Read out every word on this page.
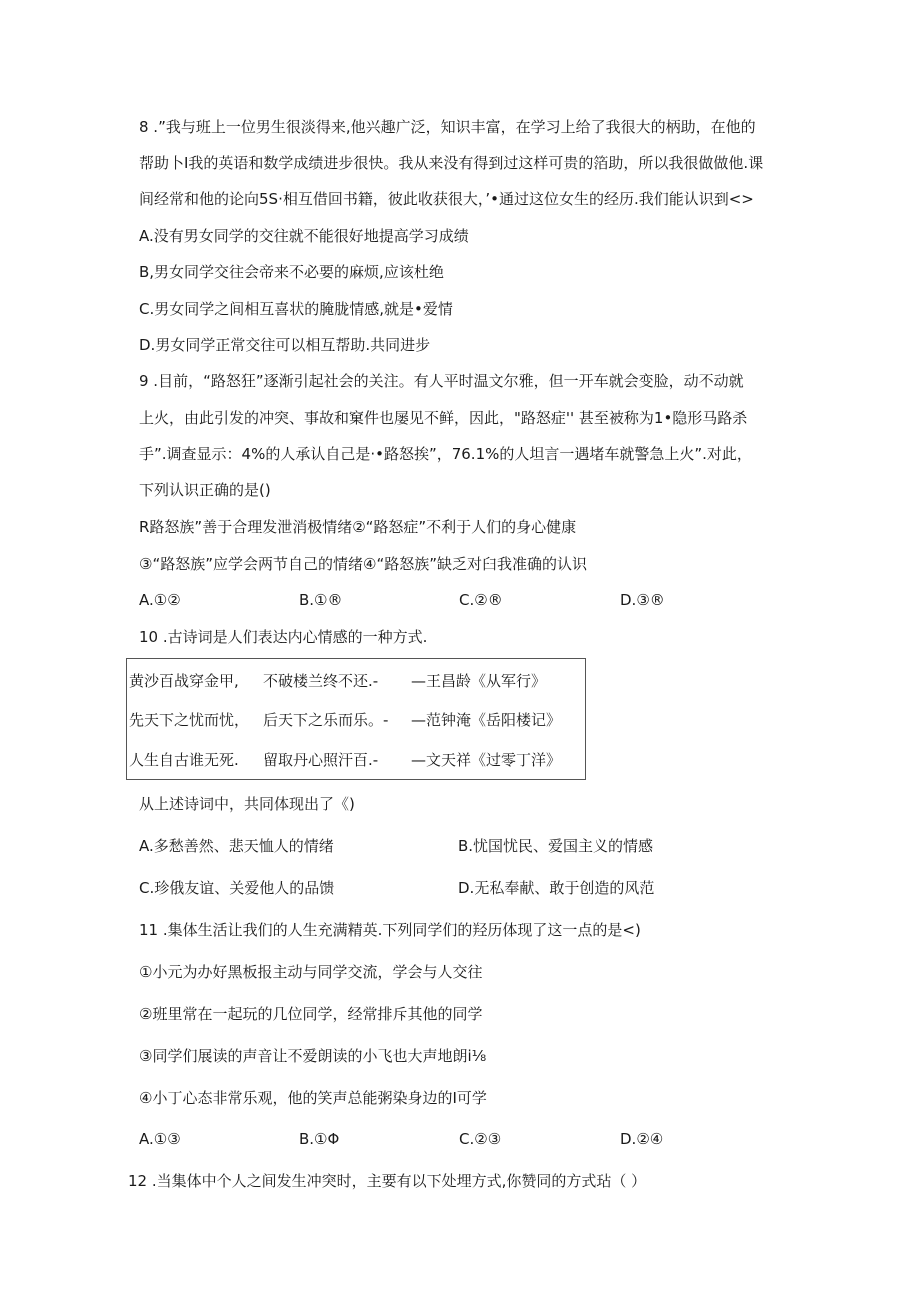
8 .”我与班上一位男生很淡得来,他兴趣广泛，知识丰富，在学习上给了我很大的柄助，在他的
帮助卜I我的英语和数学成绩进步很快。我从来没有得到过这样可贵的箔助，所以我很做做他.课
间经常和他的论向5S·相互借回书籍，彼此收获很大，’•通过这位女生的经历.我们能认识到<>
A.没有男女同学的交往就不能很好地提高学习成绩
B,男女同学交往会帝来不必要的麻烦,应该杜绝
C.男女同学之间相互喜状的腌胧情感,就是•爱情
D.男女同学正常交往可以相互帮助.共同进步
9 .目前，“路怒狂”逐渐引起社会的关注。有人平时温文尔雅，但一开车就会变脸，动不动就
上火，由此引发的冲突、事故和窠件也屡见不鲜，因此，"路怒症'' 甚至被称为1•隐形马路杀
手”.调查显示：4%的人承认自己是·•路怒挨”，76.1%的人坦言一遇堵车就警急上火”.对此，
下列认识正确的是()
R路怒族”善于合理发泄消极情绪②“路怒症”不利于人们的身心健康
③“路怒族”应学会两节自己的情绪④“路怒族”缺乏对臼我准确的认识
A.①②	B.①®	C.②®	D.③®
10 .古诗词是人们表达内心情感的一种方式.
黄沙百战穿金甲, 不破楼兰终不还.- —王昌龄《从军行》
先天下之忧而忧， 后天下之乐而乐。- —范钟淹《岳阳楼记》
人生自古谁无死. 留取丹心照汗百.- —文天祥《过零丁洋》
从上述诗词中，共同体现出了《)
A.多愁善然、悲天恤人的情绪	B.忧国忧民、爱国主义的情感
C.珍俄友谊、关爱他人的品馈	D.无私奉献、敢于创造的风范
11 .集体生活让我们的人生充满精英.下列同学们的羟历体现了这一点的是<)
①小元为办好黑板报主动与同学交流，学会与人交往
②班里常在一起玩的几位同学，经常排斥其他的同学
③同学们展读的声音让不爱朗读的小飞也大声地朗i⅛
④小丁心态非常乐观，他的笑声总能粥染身边的I可学
A.①③	B.①Φ	C.②③	D.②④
12 .当集体中个人之间发生冲突时，主要有以下处埋方式,你赞同的方式玷（ ）
